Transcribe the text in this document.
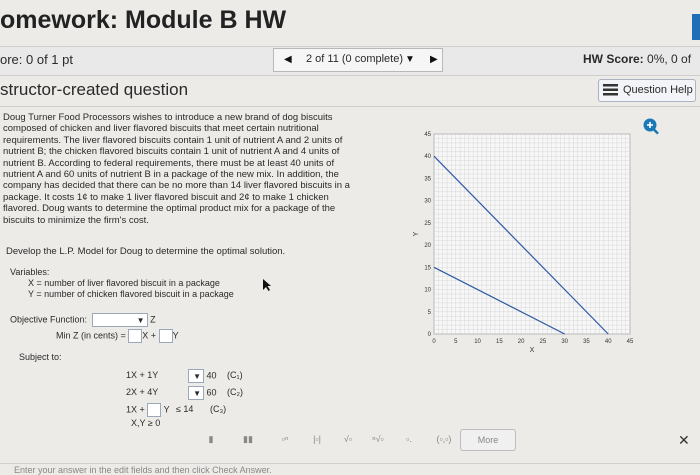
omework: Module B HW
ore: 0 of 1 pt	◀ 2 of 11 (0 complete) ▼ ▶	HW Score: 0%, 0 of
structor-created question	Question Help

Doug Turner Food Processors wishes to introduce a new brand of dog biscuits

composed of chicken and liver flavored biscuits that meet certain nutritional

requirements. The liver flavored biscuits contain 1 unit of nutrient A and 2 units of

nutrient B; the chicken flavored biscuits contain 1 unit of nutrient A and 4 units of

nutrient B. According to federal requirements, there must be at least 40 units of

nutrient A and 60 units of nutrient B in a package of the new mix. In addition, the

company has decided that there can be no more than 14 liver flavored biscuits in a

package. It costs 1¢ to make 1 liver flavored biscuit and 2¢ to make 1 chicken

flavored. Doug wants to determine the optimal product mix for a package of the

biscuits to minimize the firm's cost.

Develop the L.P. Model for Doug to determine the optimal solution.
Variables:
X = number of liver flavored biscuit in a package
Y = number of chicken flavored biscuit in a package
Objective Function:	▼ Z
Min Z (in cents) = X + Y
Subject to:
1X + 1Y	▼ 40 (C₁)
2X + 4Y	▼ 60 (C₂)
1X + Y ≤ 14 (C₃)
X,Y ≥ 0
0	5	10	15	20	25	30	35	40	45
0
5
10
15
20
25
30
35
40
45
X
Y
▮	▮▮	▫ⁿ	|▫|	√▫	ⁿ√▫	▫.	(▫,▫)	More	✕
Enter your answer in the edit fields and then click Check Answer.
